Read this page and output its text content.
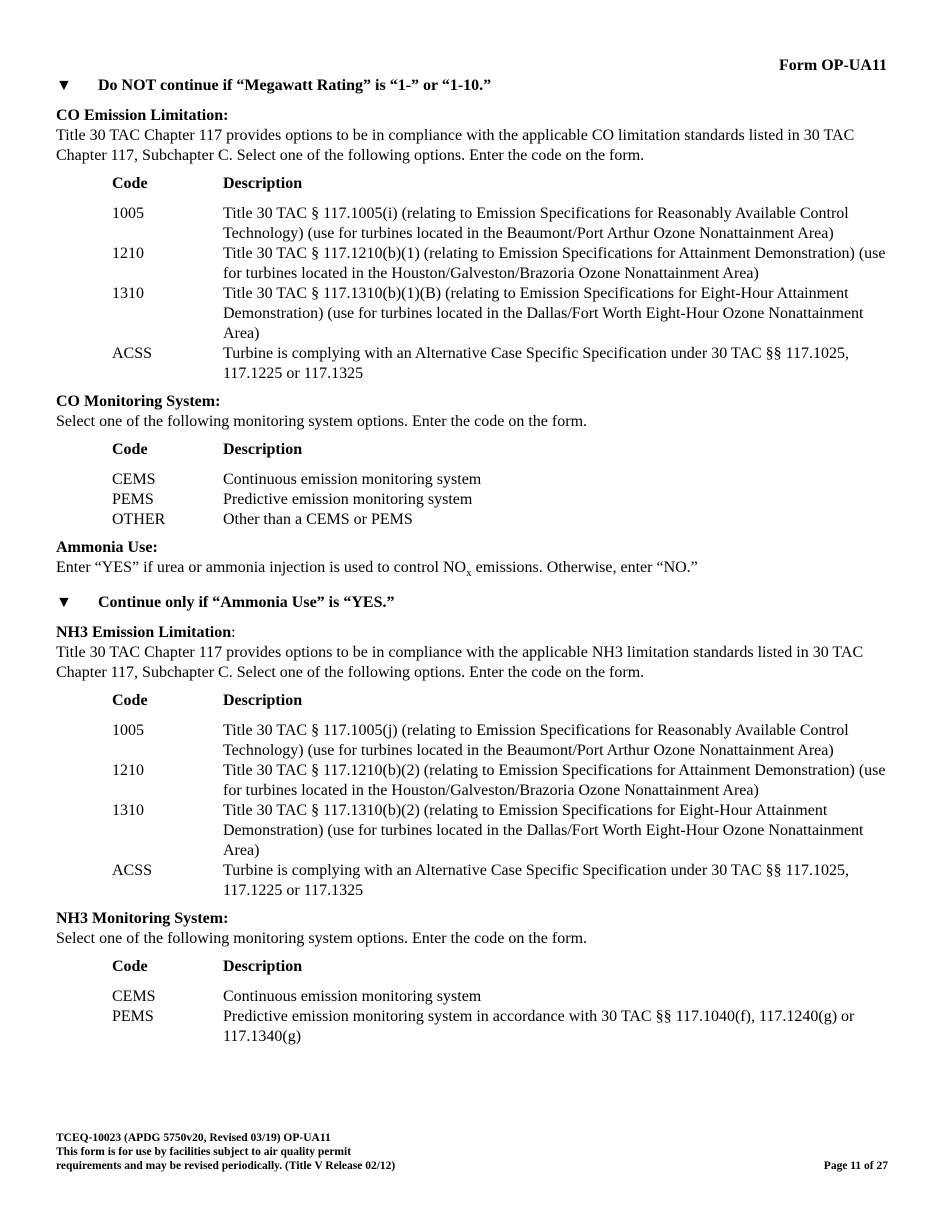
Form OP-UA11
▼	Do NOT continue if “Megawatt Rating” is “1-” or “1-10.”
CO Emission Limitation:

Title 30 TAC Chapter 117 provides options to be in compliance with the applicable CO limitation standards listed in 30 TAC Chapter 117, Subchapter C. Select one of the following options. Enter the code on the form.

Code	Description
1005	Title 30 TAC § 117.1005(i) (relating to Emission Specifications for Reasonably Available Control Technology) (use for turbines located in the Beaumont/Port Arthur Ozone Nonattainment Area)
1210	Title 30 TAC § 117.1210(b)(1) (relating to Emission Specifications for Attainment Demonstration) (use for turbines located in the Houston/Galveston/Brazoria Ozone Nonattainment Area)
1310	Title 30 TAC § 117.1310(b)(1)(B) (relating to Emission Specifications for Eight-Hour Attainment Demonstration) (use for turbines located in the Dallas/Fort Worth Eight-Hour Ozone Nonattainment Area)
ACSS	Turbine is complying with an Alternative Case Specific Specification under 30 TAC §§ 117.1025, 117.1225 or 117.1325
CO Monitoring System:

Select one of the following monitoring system options. Enter the code on the form.

Code	Description
CEMS	Continuous emission monitoring system
PEMS	Predictive emission monitoring system
OTHER	Other than a CEMS or PEMS
Ammonia Use:

Enter “YES” if urea or ammonia injection is used to control $NO_x$ emissions. Otherwise, enter “NO.”

▼	Continue only if “Ammonia Use” is “YES.”
NH3 Emission Limitation:

Title 30 TAC Chapter 117 provides options to be in compliance with the applicable NH3 limitation standards listed in 30 TAC Chapter 117, Subchapter C. Select one of the following options. Enter the code on the form.

Code	Description
1005	Title 30 TAC § 117.1005(j) (relating to Emission Specifications for Reasonably Available Control Technology) (use for turbines located in the Beaumont/Port Arthur Ozone Nonattainment Area)
1210	Title 30 TAC § 117.1210(b)(2) (relating to Emission Specifications for Attainment Demonstration) (use for turbines located in the Houston/Galveston/Brazoria Ozone Nonattainment Area)
1310	Title 30 TAC § 117.1310(b)(2) (relating to Emission Specifications for Eight-Hour Attainment Demonstration) (use for turbines located in the Dallas/Fort Worth Eight-Hour Ozone Nonattainment Area)
ACSS	Turbine is complying with an Alternative Case Specific Specification under 30 TAC §§ 117.1025, 117.1225 or 117.1325
NH3 Monitoring System:

Select one of the following monitoring system options. Enter the code on the form.

Code	Description
CEMS	Continuous emission monitoring system
PEMS	Predictive emission monitoring system in accordance with 30 TAC §§ 117.1040(f), 117.1240(g) or 117.1340(g)
TCEQ-10023 (APDG 5750v20, Revised 03/19) OP-UA11
This form is for use by facilities subject to air quality permit
requirements and may be revised periodically. (Title V Release 02/12)	Page 11 of 27
